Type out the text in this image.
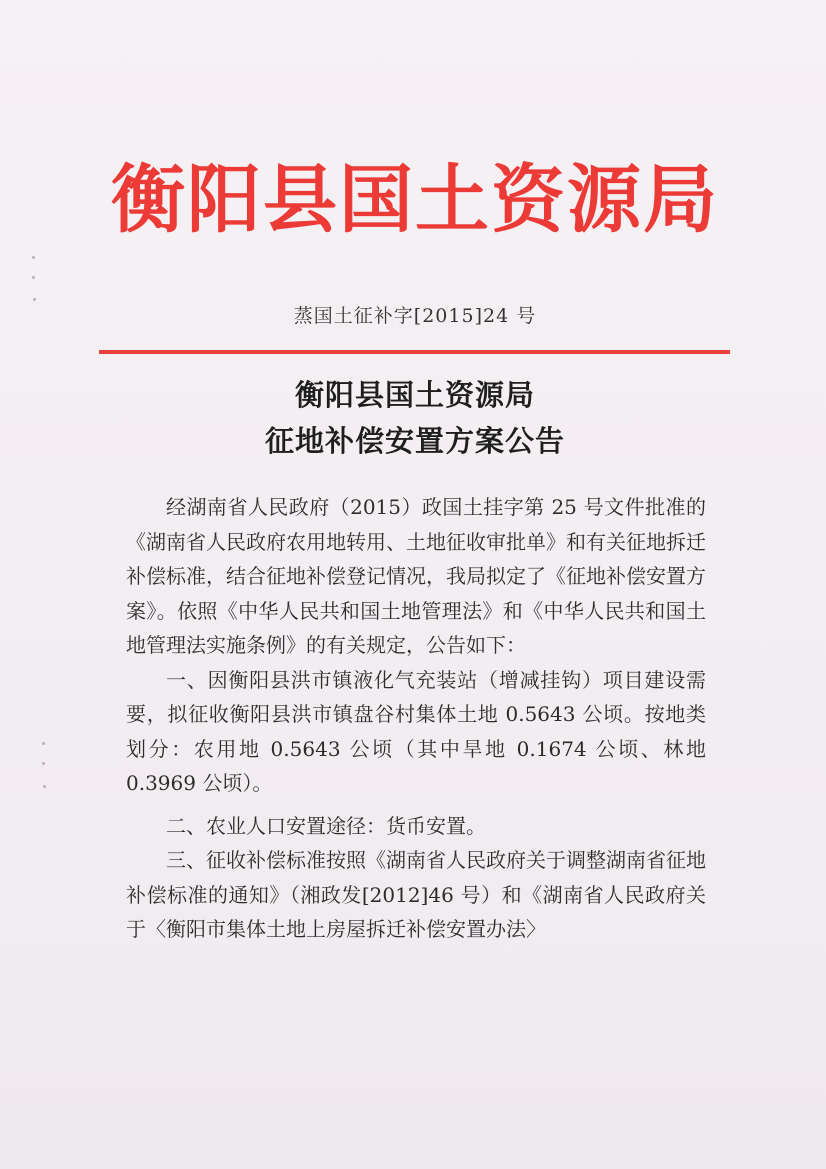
衡阳县国土资源局
蒸国土征补字[2015]24 号
衡阳县国土资源局
征地补偿安置方案公告

经湖南省人民政府（2015）政国土挂字第 25 号文件批准的《湖南省人民政府农用地转用、土地征收审批单》和有关征地拆迁补偿标准，结合征地补偿登记情况，我局拟定了《征地补偿安置方案》。依照《中华人民共和国土地管理法》和《中华人民共和国土地管理法实施条例》的有关规定，公告如下：

一、因衡阳县洪市镇液化气充装站（增减挂钩）项目建设需要，拟征收衡阳县洪市镇盘谷村集体土地 0.5643 公顷。按地类划分：农用地 0.5643 公顷（其中旱地 0.1674 公顷、林地 0.3969 公顷）。

二、农业人口安置途径：货币安置。

三、征收补偿标准按照《湖南省人民政府关于调整湖南省征地补偿标准的通知》（湘政发[2012]46 号）和《湖南省人民政府关于〈衡阳市集体土地上房屋拆迁补偿安置办法〉
